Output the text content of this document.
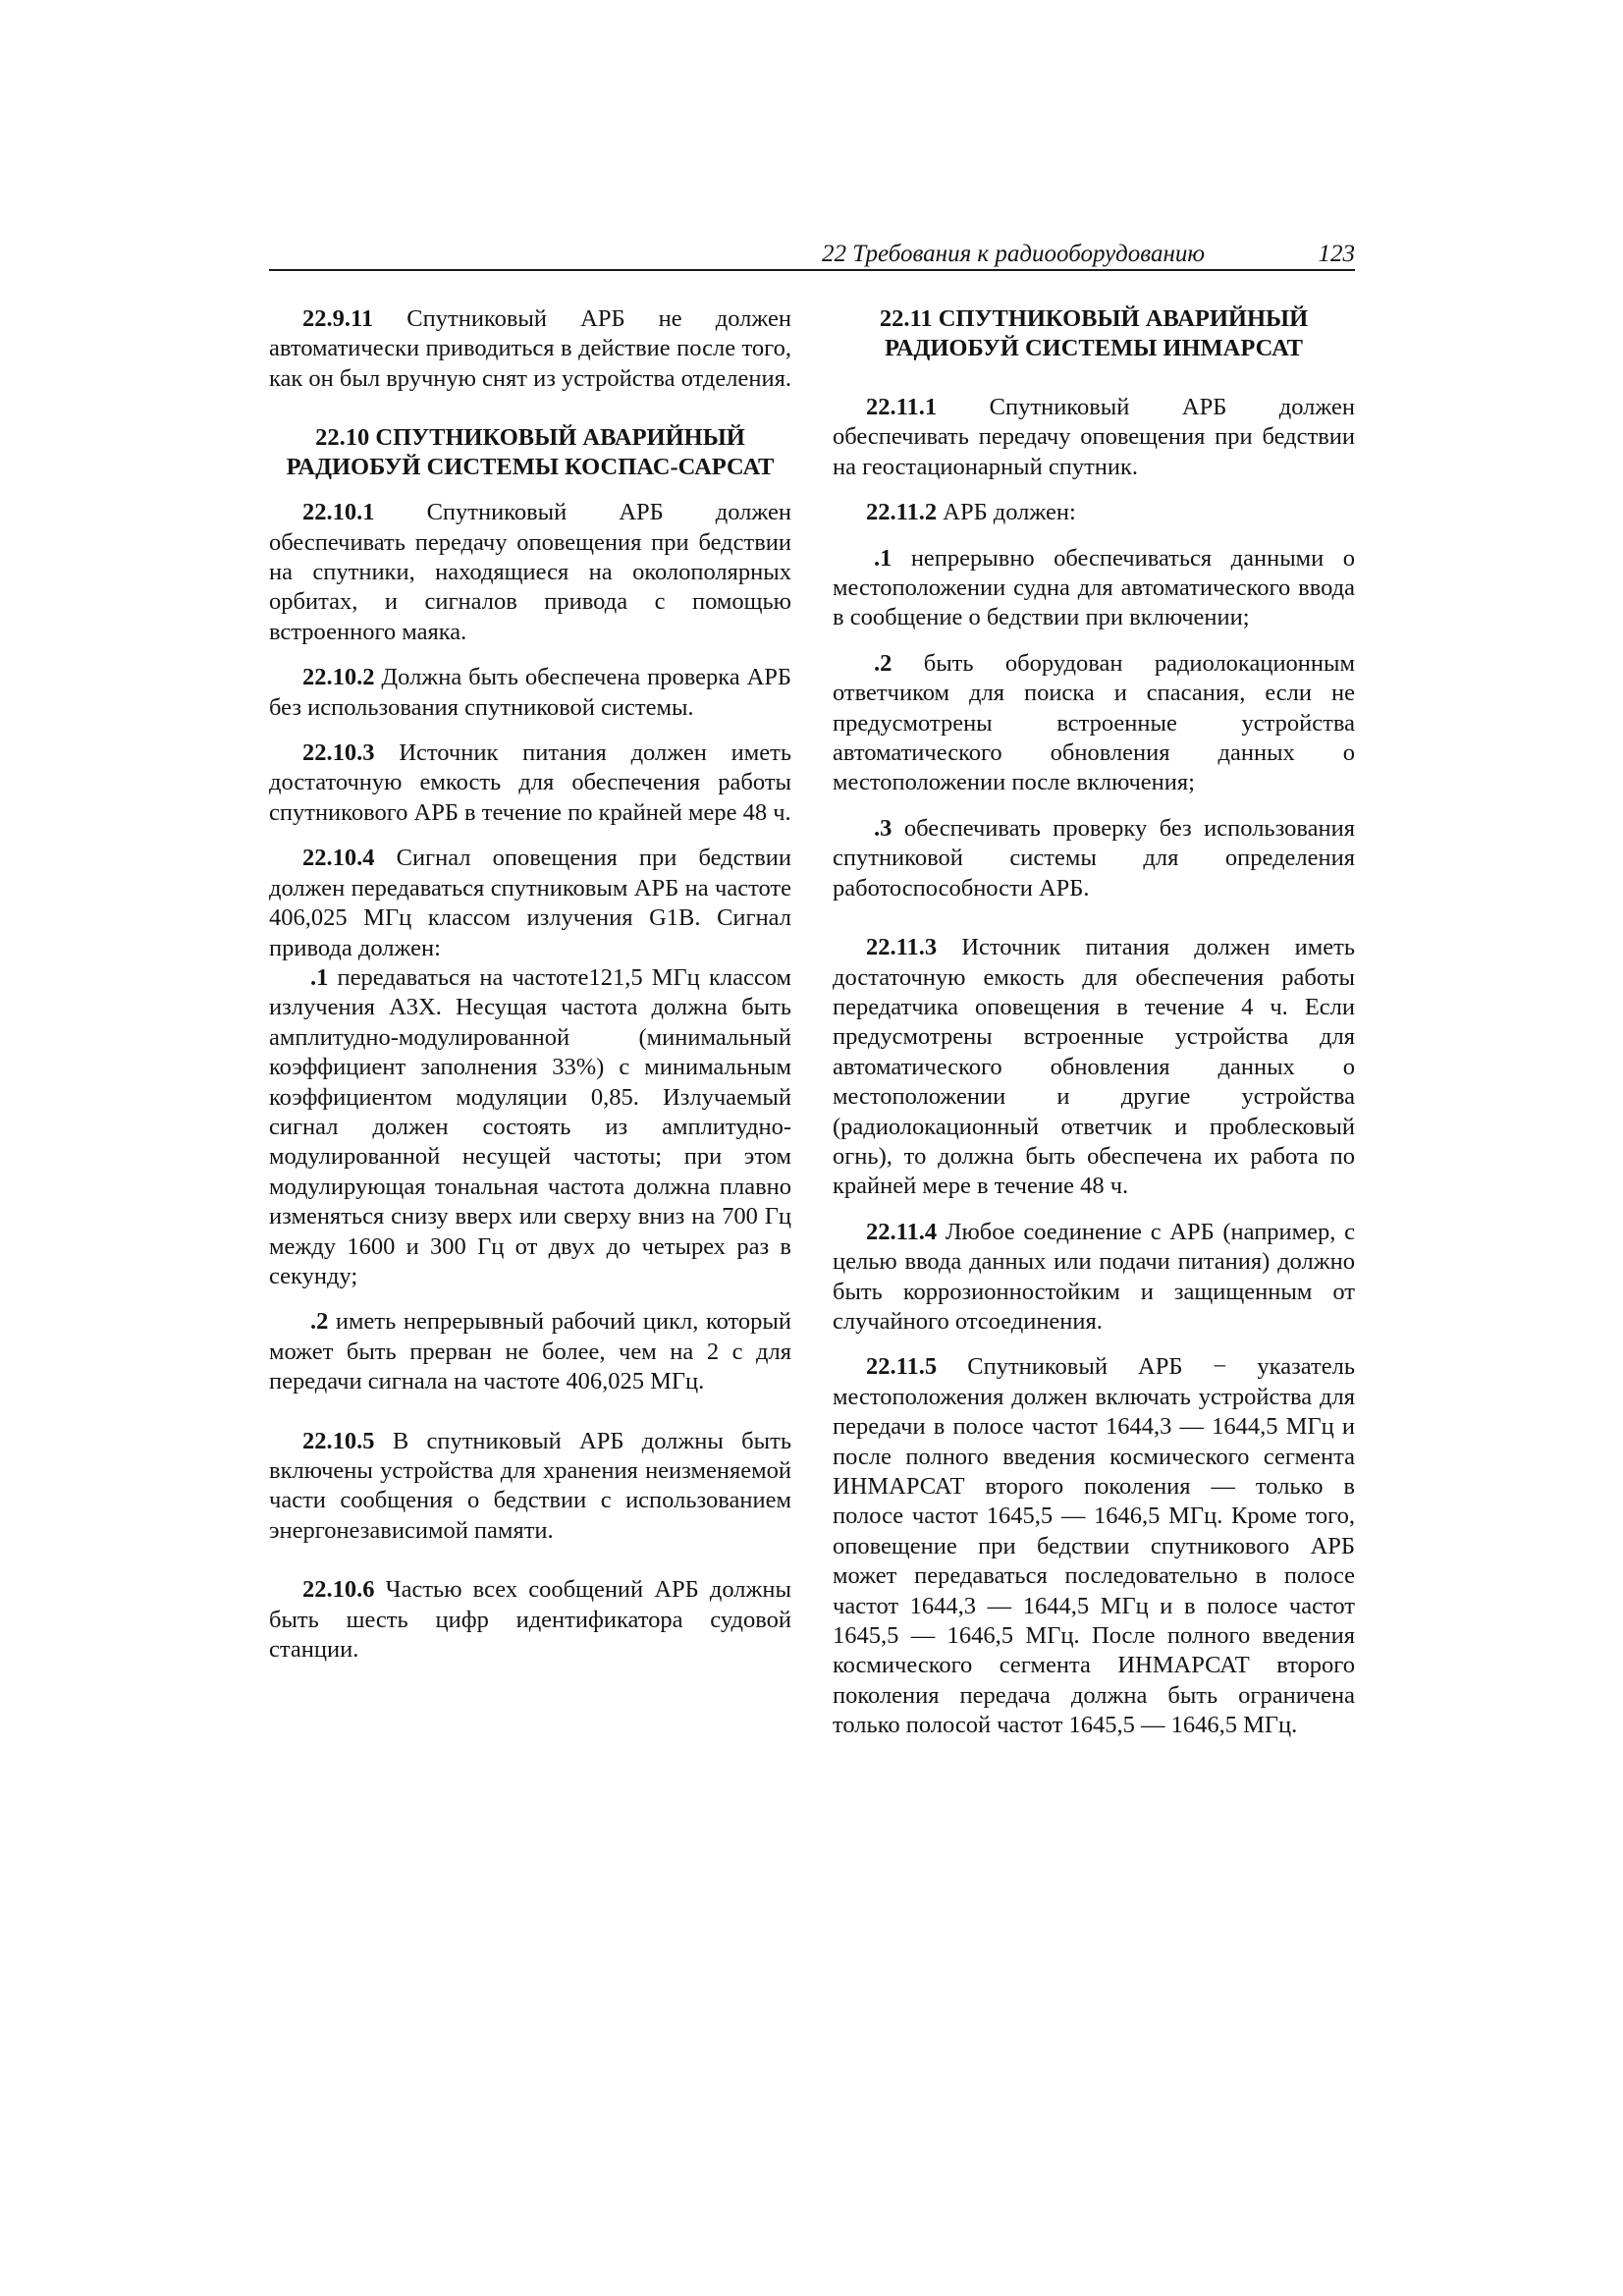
22 Требования к радиооборудованию	123

22.9.11 Спутниковый АРБ не должен автоматически приводиться в действие после того, как он был вручную снят из устройства отделения.

22.10 СПУТНИКОВЫЙ АВАРИЙНЫЙ РАДИОБУЙ СИСТЕМЫ КОСПАС-САРСАТ

22.10.1 Спутниковый АРБ должен обеспечивать передачу оповещения при бедствии на спутники, находящиеся на околополярных орбитах, и сигналов привода с помощью встроенного маяка.

22.10.2 Должна быть обеспечена проверка АРБ без использования спутниковой системы.

22.10.3 Источник питания должен иметь достаточную емкость для обеспечения работы спутникового АРБ в течение по крайней мере 48 ч.

22.10.4 Сигнал оповещения при бедствии должен передаваться спутниковым АРБ на частоте 406,025 МГц классом излучения G1B. Сигнал привода должен:

.1 передаваться на частоте121,5 МГц классом излучения A3X. Несущая частота должна быть амплитудно-модулированной (минимальный коэффициент заполнения 33%) с минимальным коэффициентом модуляции 0,85. Излучаемый сигнал должен состоять из амплитудно-модулированной несущей частоты; при этом модулирующая тональная частота должна плавно изменяться снизу вверх или сверху вниз на 700 Гц между 1600 и 300 Гц от двух до четырех раз в секунду;

.2 иметь непрерывный рабочий цикл, который может быть прерван не более, чем на 2 с для передачи сигнала на частоте 406,025 МГц.

22.10.5 В спутниковый АРБ должны быть включены устройства для хранения неизменяемой части сообщения о бедствии с использованием энергонезависимой памяти.

22.10.6 Частью всех сообщений АРБ должны быть шесть цифр идентификатора судовой станции.

22.11 СПУТНИКОВЫЙ АВАРИЙНЫЙ РАДИОБУЙ СИСТЕМЫ ИНМАРСАТ

22.11.1 Спутниковый АРБ должен обеспечивать передачу оповещения при бедствии на геостационарный спутник.

22.11.2 АРБ должен:

.1 непрерывно обеспечиваться данными о местоположении судна для автоматического ввода в сообщение о бедствии при включении;

.2 быть оборудован радиолокационным ответчиком для поиска и спасания, если не предусмотрены встроенные устройства автоматического обновления данных о местоположении после включения;

.3 обеспечивать проверку без использования спутниковой системы для определения работоспособности АРБ.

22.11.3 Источник питания должен иметь достаточную емкость для обеспечения работы передатчика оповещения в течение 4 ч. Если предусмотрены встроенные устройства для автоматического обновления данных о местоположении и другие устройства (радиолокационный ответчик и проблесковый огнь), то должна быть обеспечена их работа по крайней мере в течение 48 ч.

22.11.4 Любое соединение с АРБ (например, с целью ввода данных или подачи питания) должно быть коррозионностойким и защищенным от случайного отсоединения.

22.11.5 Спутниковый АРБ − указатель местоположения должен включать устройства для передачи в полосе частот 1644,3 — 1644,5 МГц и после полного введения космического сегмента ИНМАРСАТ второго поколения — только в полосе частот 1645,5 — 1646,5 МГц. Кроме того, оповещение при бедствии спутникового АРБ может передаваться последовательно в полосе частот 1644,3 — 1644,5 МГц и в полосе частот 1645,5 — 1646,5 МГц. После полного введения космического сегмента ИНМАРСАТ второго поколения передача должна быть ограничена только полосой частот 1645,5 — 1646,5 МГц.
